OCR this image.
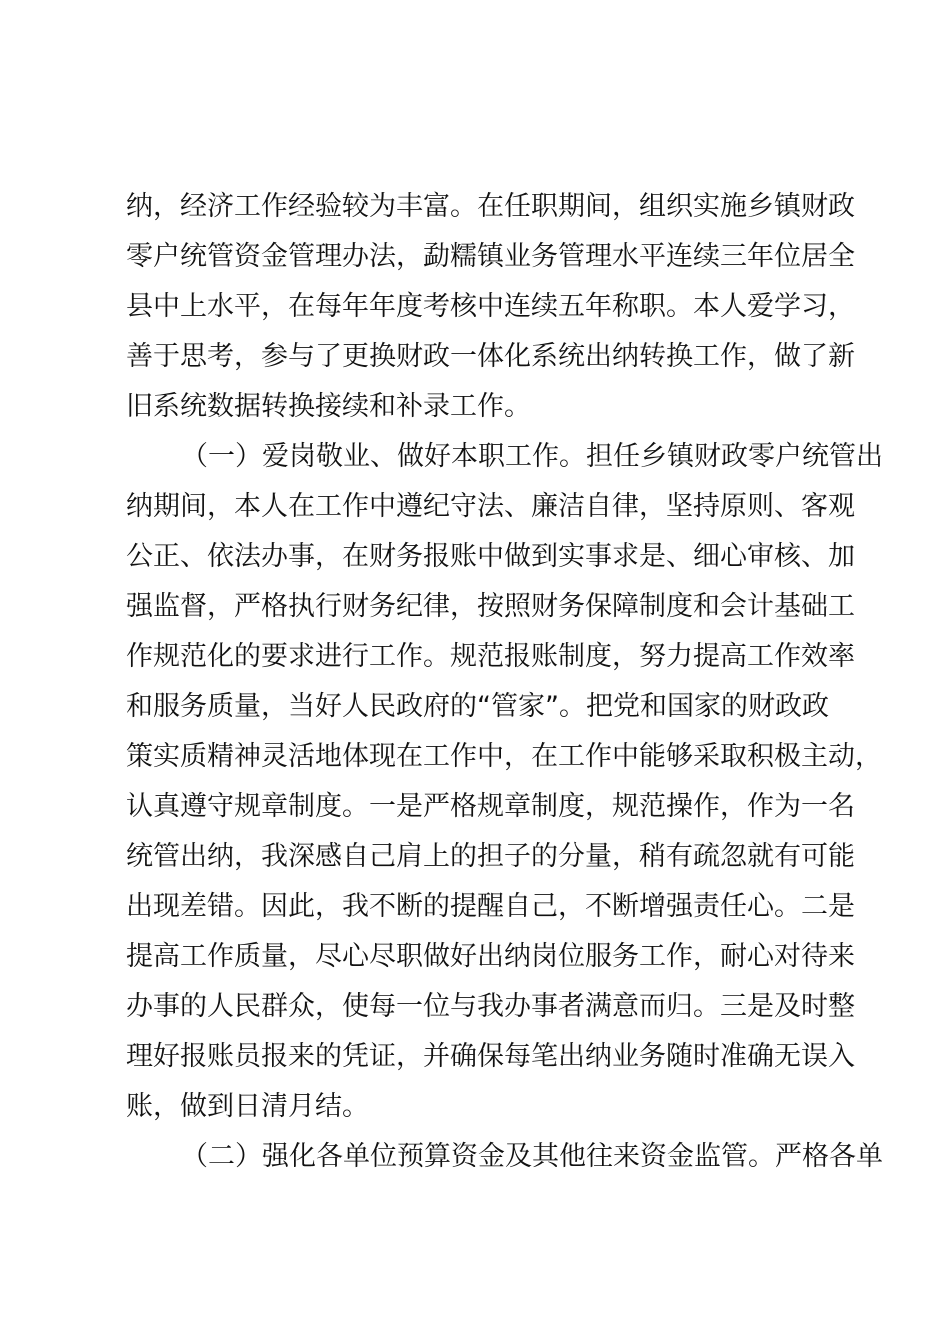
纳，经济工作经验较为丰富。在任职期间，组织实施乡镇财政
零户统管资金管理办法，勐糯镇业务管理水平连续三年位居全
县中上水平，在每年年度考核中连续五年称职。本人爱学习，
善于思考，参与了更换财政一体化系统出纳转换工作，做了新
旧系统数据转换接续和补录工作。
（一）爱岗敬业、做好本职工作。担任乡镇财政零户统管出
纳期间，本人在工作中遵纪守法、廉洁自律，坚持原则、客观
公正、依法办事，在财务报账中做到实事求是、细心审核、加
强监督，严格执行财务纪律，按照财务保障制度和会计基础工
作规范化的要求进行工作。规范报账制度，努力提高工作效率
和服务质量，当好人民政府的“管家”。把党和国家的财政政
策实质精神灵活地体现在工作中，在工作中能够采取积极主动，
认真遵守规章制度。一是严格规章制度，规范操作，作为一名
统管出纳，我深感自己肩上的担子的分量，稍有疏忽就有可能
出现差错。因此，我不断的提醒自己，不断增强责任心。二是
提高工作质量，尽心尽职做好出纳岗位服务工作，耐心对待来
办事的人民群众，使每一位与我办事者满意而归。三是及时整
理好报账员报来的凭证，并确保每笔出纳业务随时准确无误入
账，做到日清月结。
（二）强化各单位预算资金及其他往来资金监管。严格各单
